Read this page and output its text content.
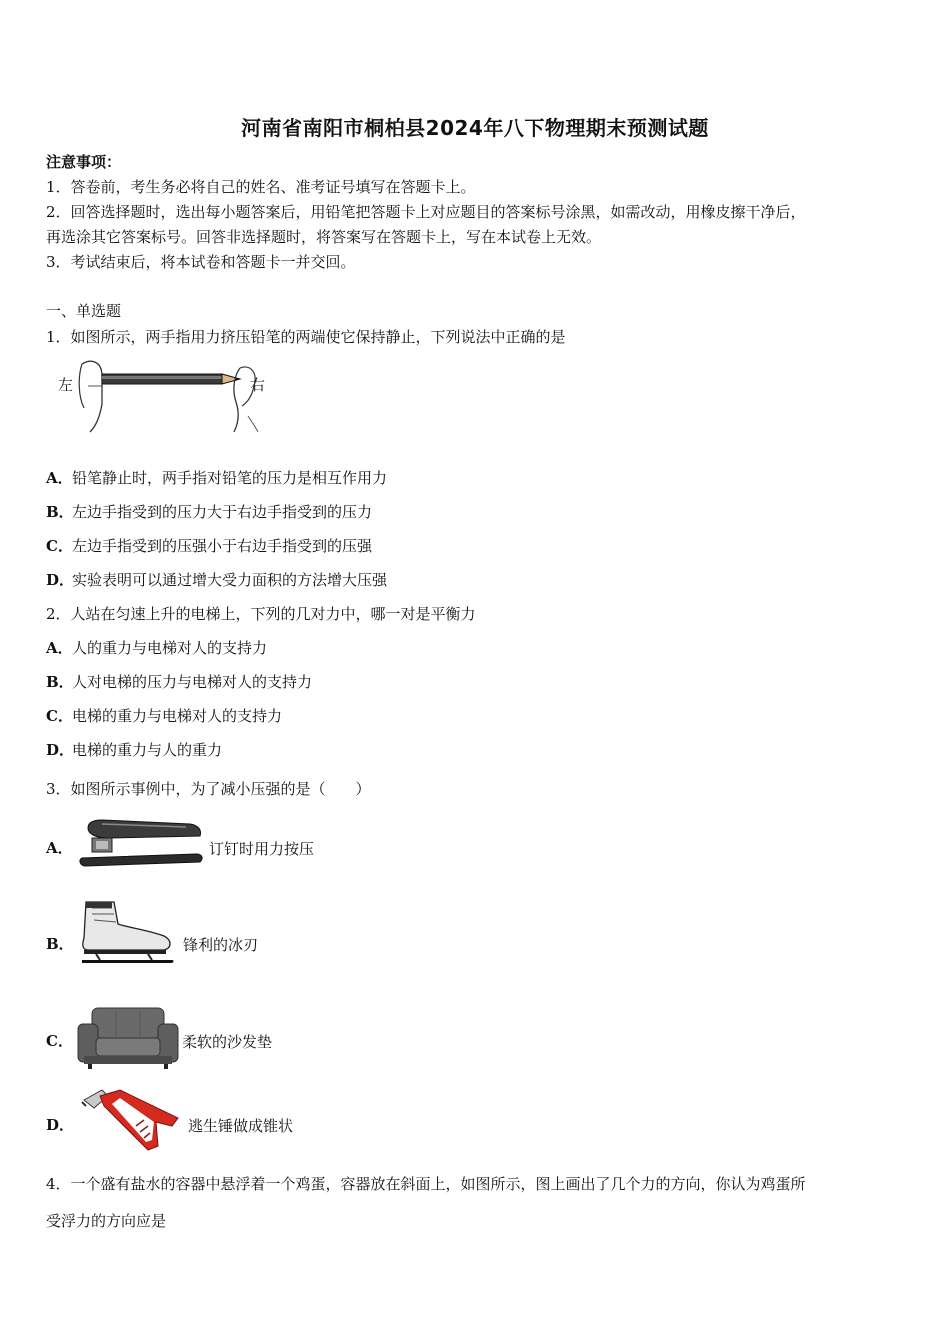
河南省南阳市桐柏县2024年八下物理期末预测试题
注意事项：
1．答卷前，考生务必将自己的姓名、准考证号填写在答题卡上。
2．回答选择题时，选出每小题答案后，用铅笔把答题卡上对应题目的答案标号涂黑，如需改动，用橡皮擦干净后，
再选涂其它答案标号。回答非选择题时，将答案写在答题卡上，写在本试卷上无效。
3．考试结束后，将本试卷和答题卡一并交回。
一、单选题
1．如图所示，两手指用力挤压铅笔的两端使它保持静止，下列说法中正确的是
左	右
A．铅笔静止时，两手指对铅笔的压力是相互作用力
B．左边手指受到的压力大于右边手指受到的压力
C．左边手指受到的压强小于右边手指受到的压强
D．实验表明可以通过增大受力面积的方法增大压强
2．人站在匀速上升的电梯上，下列的几对力中，哪一对是平衡力
A．人的重力与电梯对人的支持力
B．人对电梯的压力与电梯对人的支持力
C．电梯的重力与电梯对人的支持力
D．电梯的重力与人的重力
3．如图所示事例中，为了减小压强的是（　　）
A．	订钉时用力按压
B．	锋利的冰刃
C．	柔软的沙发垫
D．	逃生锤做成锥状
4．一个盛有盐水的容器中悬浮着一个鸡蛋，容器放在斜面上，如图所示，图上画出了几个力的方向，你认为鸡蛋所
受浮力的方向应是
